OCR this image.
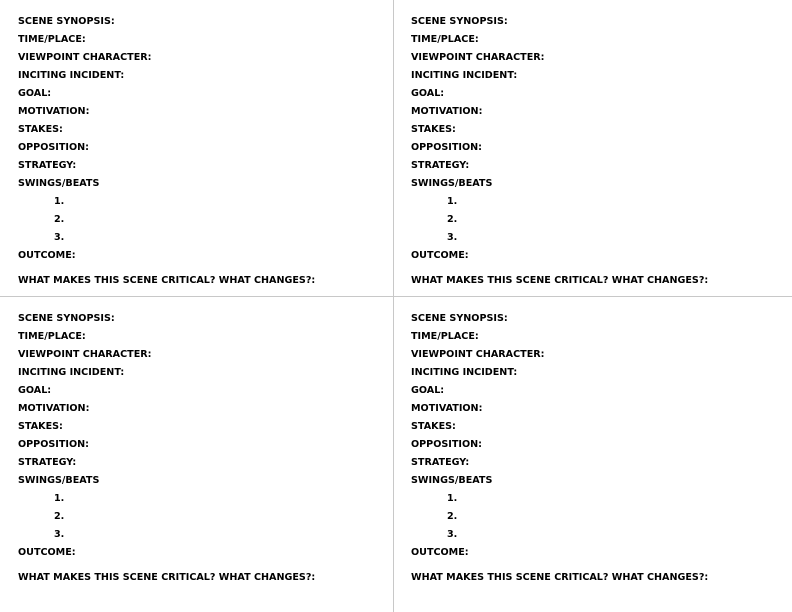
SCENE SYNOPSIS:
TIME/PLACE:
VIEWPOINT CHARACTER:
INCITING INCIDENT:
GOAL:
MOTIVATION:
STAKES:
OPPOSITION:
STRATEGY:
SWINGS/BEATS
1.
2.
3.
OUTCOME:
WHAT MAKES THIS SCENE CRITICAL? WHAT CHANGES?:
SCENE SYNOPSIS:
TIME/PLACE:
VIEWPOINT CHARACTER:
INCITING INCIDENT:
GOAL:
MOTIVATION:
STAKES:
OPPOSITION:
STRATEGY:
SWINGS/BEATS
1.
2.
3.
OUTCOME:
WHAT MAKES THIS SCENE CRITICAL? WHAT CHANGES?:
SCENE SYNOPSIS:
TIME/PLACE:
VIEWPOINT CHARACTER:
INCITING INCIDENT:
GOAL:
MOTIVATION:
STAKES:
OPPOSITION:
STRATEGY:
SWINGS/BEATS
1.
2.
3.
OUTCOME:
WHAT MAKES THIS SCENE CRITICAL? WHAT CHANGES?:
SCENE SYNOPSIS:
TIME/PLACE:
VIEWPOINT CHARACTER:
INCITING INCIDENT:
GOAL:
MOTIVATION:
STAKES:
OPPOSITION:
STRATEGY:
SWINGS/BEATS
1.
2.
3.
OUTCOME:
WHAT MAKES THIS SCENE CRITICAL? WHAT CHANGES?:
